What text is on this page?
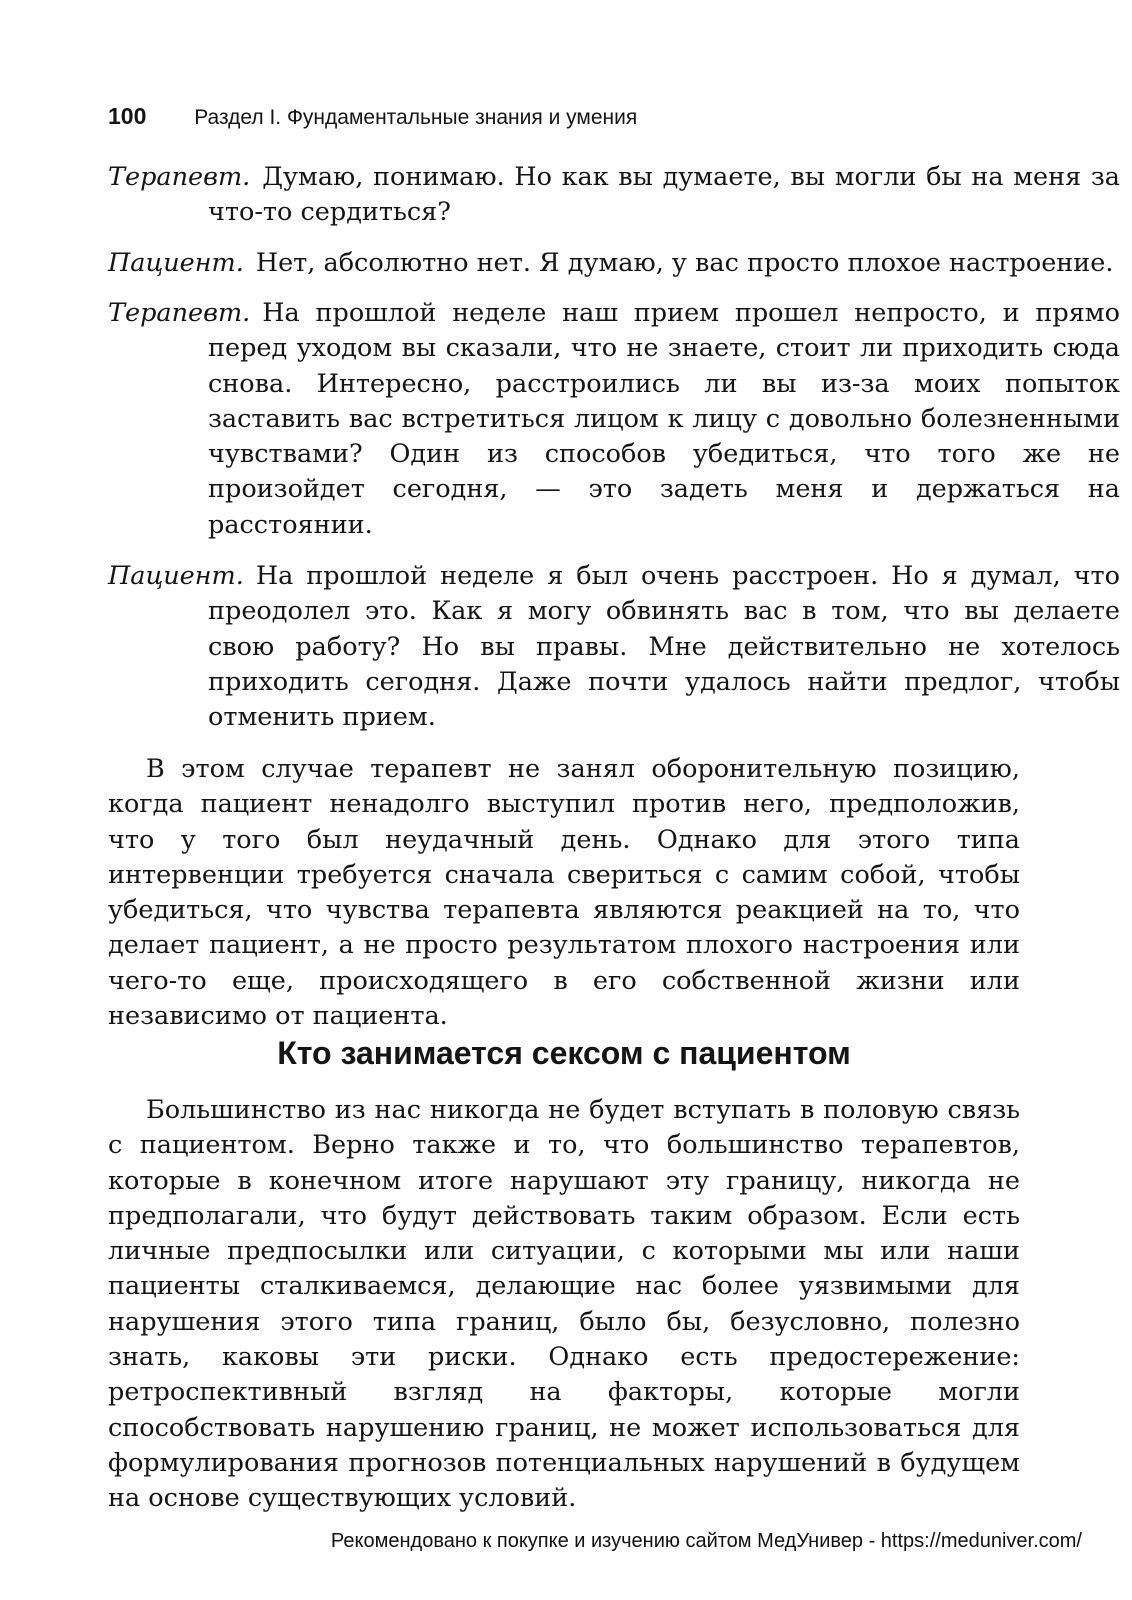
100 Раздел I. Фундаментальные знания и умения

Терапевт. Думаю, понимаю. Но как вы думаете, вы могли бы на меня за что-то сердиться?

Пациент. Нет, абсолютно нет. Я думаю, у вас просто плохое настроение.

Терапевт. На прошлой неделе наш прием прошел непросто, и прямо перед уходом вы сказали, что не знаете, стоит ли приходить сюда снова. Интересно, расстроились ли вы из-за моих попыток заставить вас встретиться лицом к лицу с довольно болезненными чувствами? Один из способов убедиться, что того же не произойдет сегодня, — это задеть меня и держаться на расстоянии.

Пациент. На прошлой неделе я был очень расстроен. Но я думал, что преодолел это. Как я могу обвинять вас в том, что вы делаете свою работу? Но вы правы. Мне действительно не хотелось приходить сегодня. Даже почти удалось найти предлог, чтобы отменить прием.

В этом случае терапевт не занял оборонительную позицию, когда пациент ненадолго выступил против него, предположив, что у того был неудачный день. Однако для этого типа интервенции требуется сначала свериться с самим собой, чтобы убедиться, что чувства терапевта являются реакцией на то, что делает пациент, а не просто результатом плохого настроения или чего-то еще, происходящего в его собственной жизни или независимо от пациента.

Кто занимается сексом с пациентом

Большинство из нас никогда не будет вступать в половую связь с пациентом. Верно также и то, что большинство терапевтов, которые в конечном итоге нарушают эту границу, никогда не предполагали, что будут действовать таким образом. Если есть личные предпосылки или ситуации, с которыми мы или наши пациенты сталкиваемся, делающие нас более уязвимыми для нарушения этого типа границ, было бы, безусловно, полезно знать, каковы эти риски. Однако есть предостережение: ретроспективный взгляд на факторы, которые могли способствовать нарушению границ, не может использоваться для формулирования прогнозов потенциальных нарушений в будущем на основе существующих условий.

Рекомендовано к покупке и изучению сайтом МедУнивер - https://meduniver.com/
